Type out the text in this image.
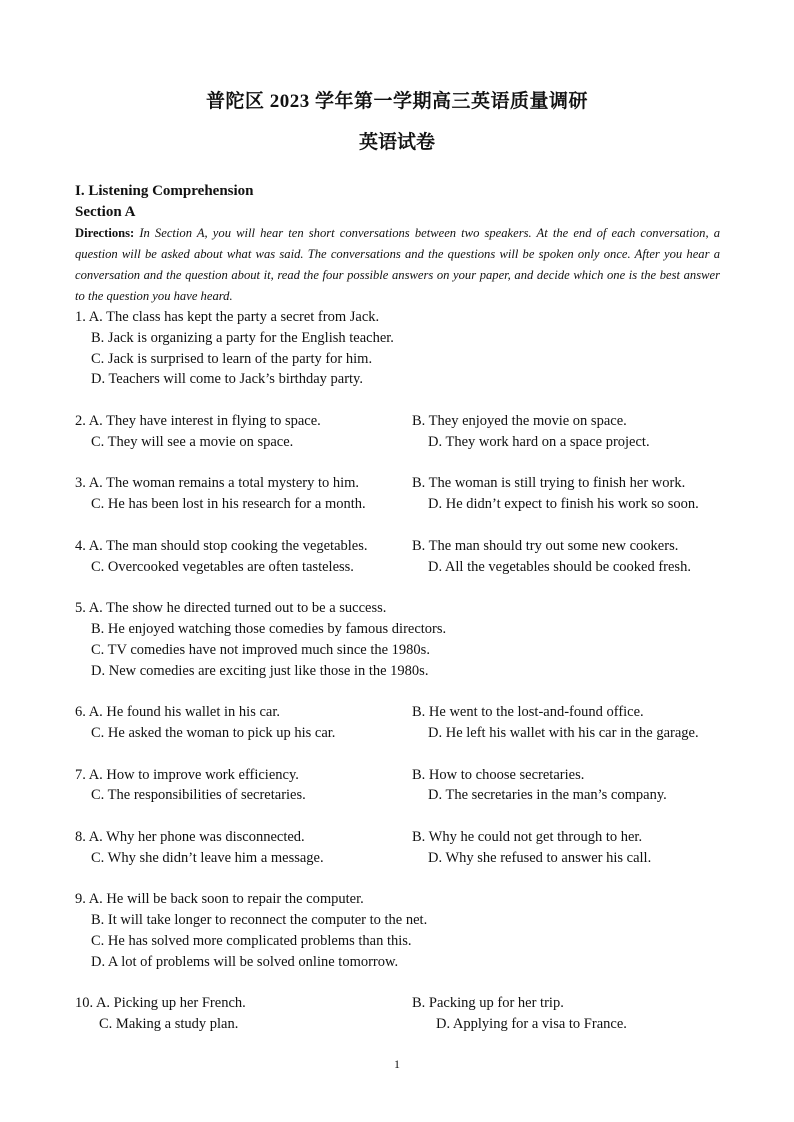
普陀区 2023 学年第一学期高三英语质量调研
英语试卷
I. Listening Comprehension
Section A
Directions: In Section A, you will hear ten short conversations between two speakers. At the end of each conversation, a question will be asked about what was said. The conversations and the questions will be spoken only once. After you hear a conversation and the question about it, read the four possible answers on your paper, and decide which one is the best answer to the question you have heard.
1. A. The class has kept the party a secret from Jack.
B. Jack is organizing a party for the English teacher.
C. Jack is surprised to learn of the party for him.
D. Teachers will come to Jack’s birthday party.
2. A. They have interest in flying to space.	B. They enjoyed the movie on space.
C. They will see a movie on space.	D. They work hard on a space project.
3. A. The woman remains a total mystery to him.	B. The woman is still trying to finish her work.
C. He has been lost in his research for a month.	D. He didn’t expect to finish his work so soon.
4. A. The man should stop cooking the vegetables.	B. The man should try out some new cookers.
C. Overcooked vegetables are often tasteless.	D. All the vegetables should be cooked fresh.
5. A. The show he directed turned out to be a success.
B. He enjoyed watching those comedies by famous directors.
C. TV comedies have not improved much since the 1980s.
D. New comedies are exciting just like those in the 1980s.
6. A. He found his wallet in his car.	B. He went to the lost-and-found office.
C. He asked the woman to pick up his car.	D. He left his wallet with his car in the garage.
7. A. How to improve work efficiency.	B. How to choose secretaries.
C. The responsibilities of secretaries.	D. The secretaries in the man’s company.
8. A. Why her phone was disconnected.	B. Why he could not get through to her.
C. Why she didn’t leave him a message.	D. Why she refused to answer his call.
9. A. He will be back soon to repair the computer.
B. It will take longer to reconnect the computer to the net.
C. He has solved more complicated problems than this.
D. A lot of problems will be solved online tomorrow.
10. A. Picking up her French.	B. Packing up for her trip.
C. Making a study plan.	D. Applying for a visa to France.
1
